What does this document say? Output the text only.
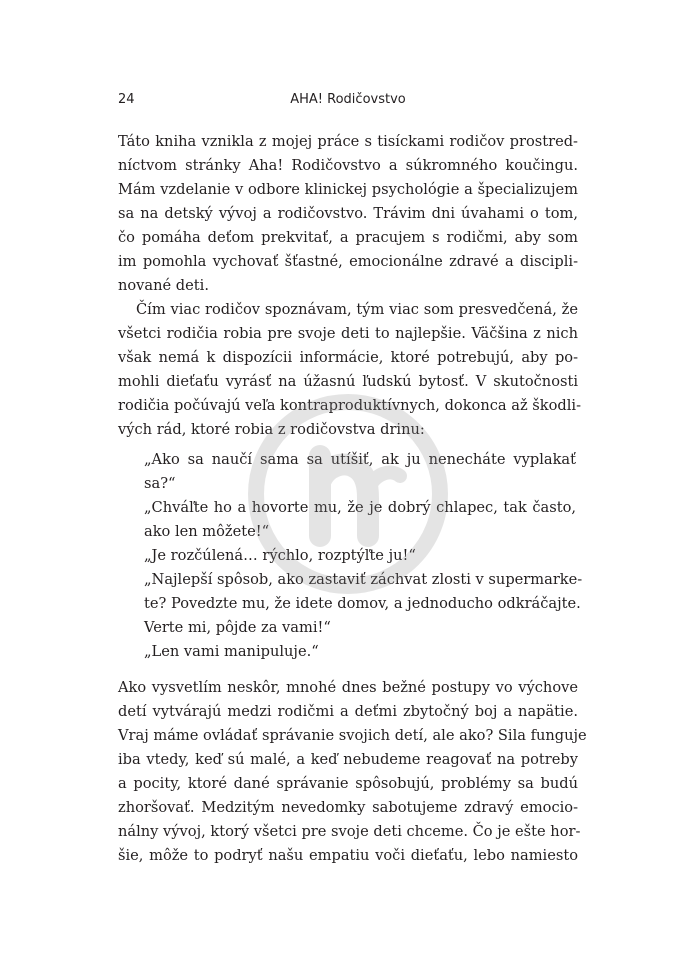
24	AHA! Rodičovstvo
Táto kniha vznikla z mojej práce s tisíckami rodičov prostred-
níctvom stránky Aha! Rodičovstvo a súkromného koučingu.
Mám vzdelanie v odbore klinickej psychológie a špecializujem
sa na detský vývoj a rodičovstvo. Trávim dni úvahami o tom,
čo pomáha deťom prekvitať, a pracujem s rodičmi, aby som
im pomohla vychovať šťastné, emocionálne zdravé a discipli-
nované deti.
Čím viac rodičov spoznávam, tým viac som presvedčená, že
všetci rodičia robia pre svoje deti to najlepšie. Väčšina z nich
však nemá k dispozícii informácie, ktoré potrebujú, aby po-
mohli dieťaťu vyrásť na úžasnú ľudskú bytosť. V skutočnosti
rodičia počúvajú veľa kontraproduktívnych, dokonca až škodli-
vých rád, ktoré robia z rodičovstva drinu:
„Ako sa naučí sama sa utíšiť, ak ju nenecháte vyplakať
sa?“
„Chváľte ho a hovorte mu, že je dobrý chlapec, tak často,
ako len môžete!“
„Je rozčúlená… rýchlo, rozptýľte ju!“
„Najlepší spôsob, ako zastaviť záchvat zlosti v supermarke-
te? Povedzte mu, že idete domov, a jednoducho odkráčajte.
Verte mi, pôjde za vami!“
„Len vami manipuluje.“
Ako vysvetlím neskôr, mnohé dnes bežné postupy vo výchove
detí vytvárajú medzi rodičmi a deťmi zbytočný boj a napätie.
Vraj máme ovládať správanie svojich detí, ale ako? Sila funguje
iba vtedy, keď sú malé, a keď nebudeme reagovať na potreby
a pocity, ktoré dané správanie spôsobujú, problémy sa budú
zhoršovať. Medzitým nevedomky sabotujeme zdravý emocio-
nálny vývoj, ktorý všetci pre svoje deti chceme. Čo je ešte hor-
šie, môže to podryť našu empatiu voči dieťaťu, lebo namiesto
